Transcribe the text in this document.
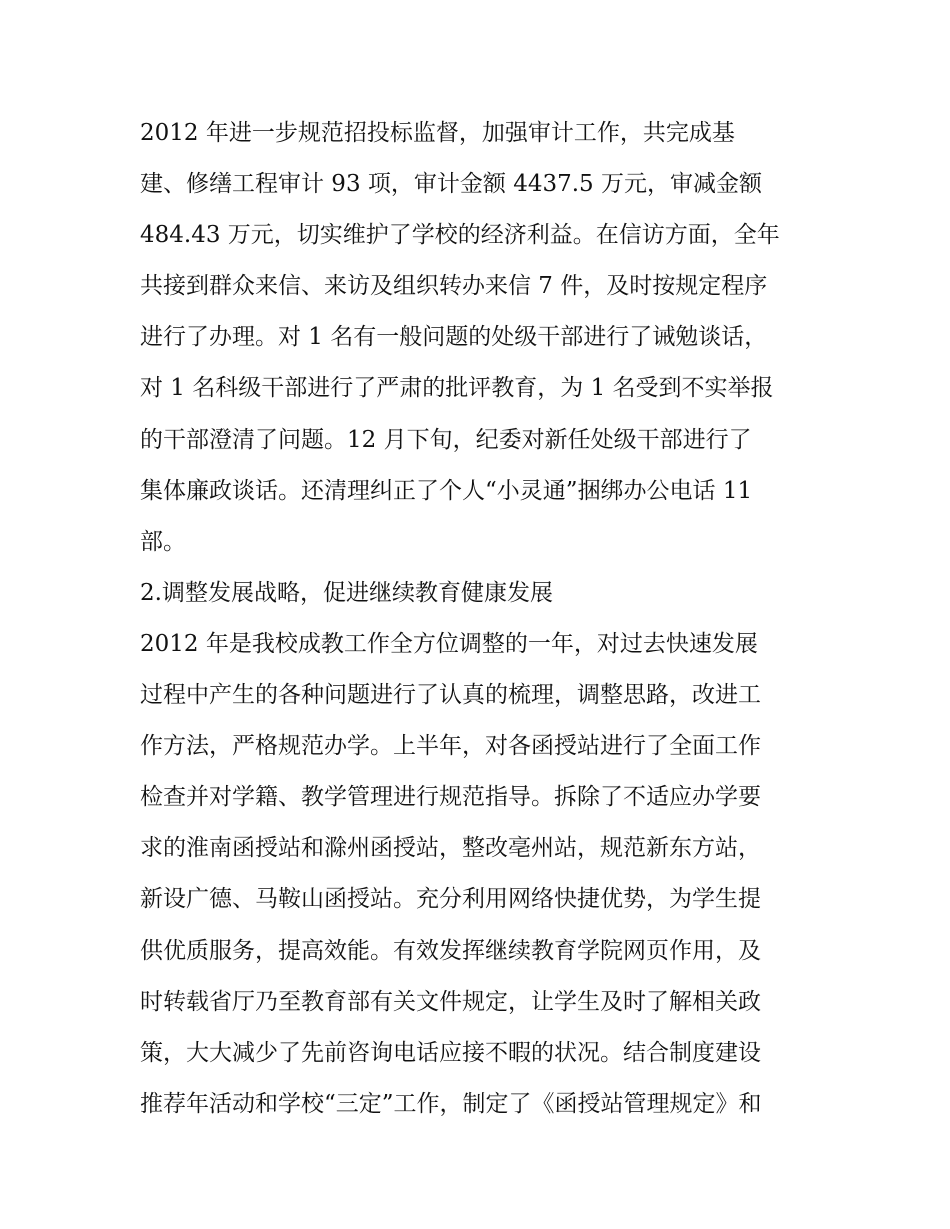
2012 年进一步规范招投标监督，加强审计工作，共完成基
建、修缮工程审计 93 项，审计金额 4437.5 万元，审减金额
484.43 万元，切实维护了学校的经济利益。在信访方面，全年
共接到群众来信、来访及组织转办来信 7 件，及时按规定程序
进行了办理。对 1 名有一般问题的处级干部进行了诫勉谈话，
对 1 名科级干部进行了严肃的批评教育，为 1 名受到不实举报
的干部澄清了问题。12 月下旬，纪委对新任处级干部进行了
集体廉政谈话。还清理纠正了个人“小灵通”捆绑办公电话 11
部。
2.调整发展战略，促进继续教育健康发展
2012 年是我校成教工作全方位调整的一年，对过去快速发展
过程中产生的各种问题进行了认真的梳理，调整思路，改进工
作方法，严格规范办学。上半年，对各函授站进行了全面工作
检查并对学籍、教学管理进行规范指导。拆除了不适应办学要
求的淮南函授站和滁州函授站，整改亳州站，规范新东方站，
新设广德、马鞍山函授站。充分利用网络快捷优势，为学生提
供优质服务，提高效能。有效发挥继续教育学院网页作用，及
时转载省厅乃至教育部有关文件规定，让学生及时了解相关政
策，大大减少了先前咨询电话应接不暇的状况。结合制度建设
推荐年活动和学校“三定”工作，制定了《函授站管理规定》和
